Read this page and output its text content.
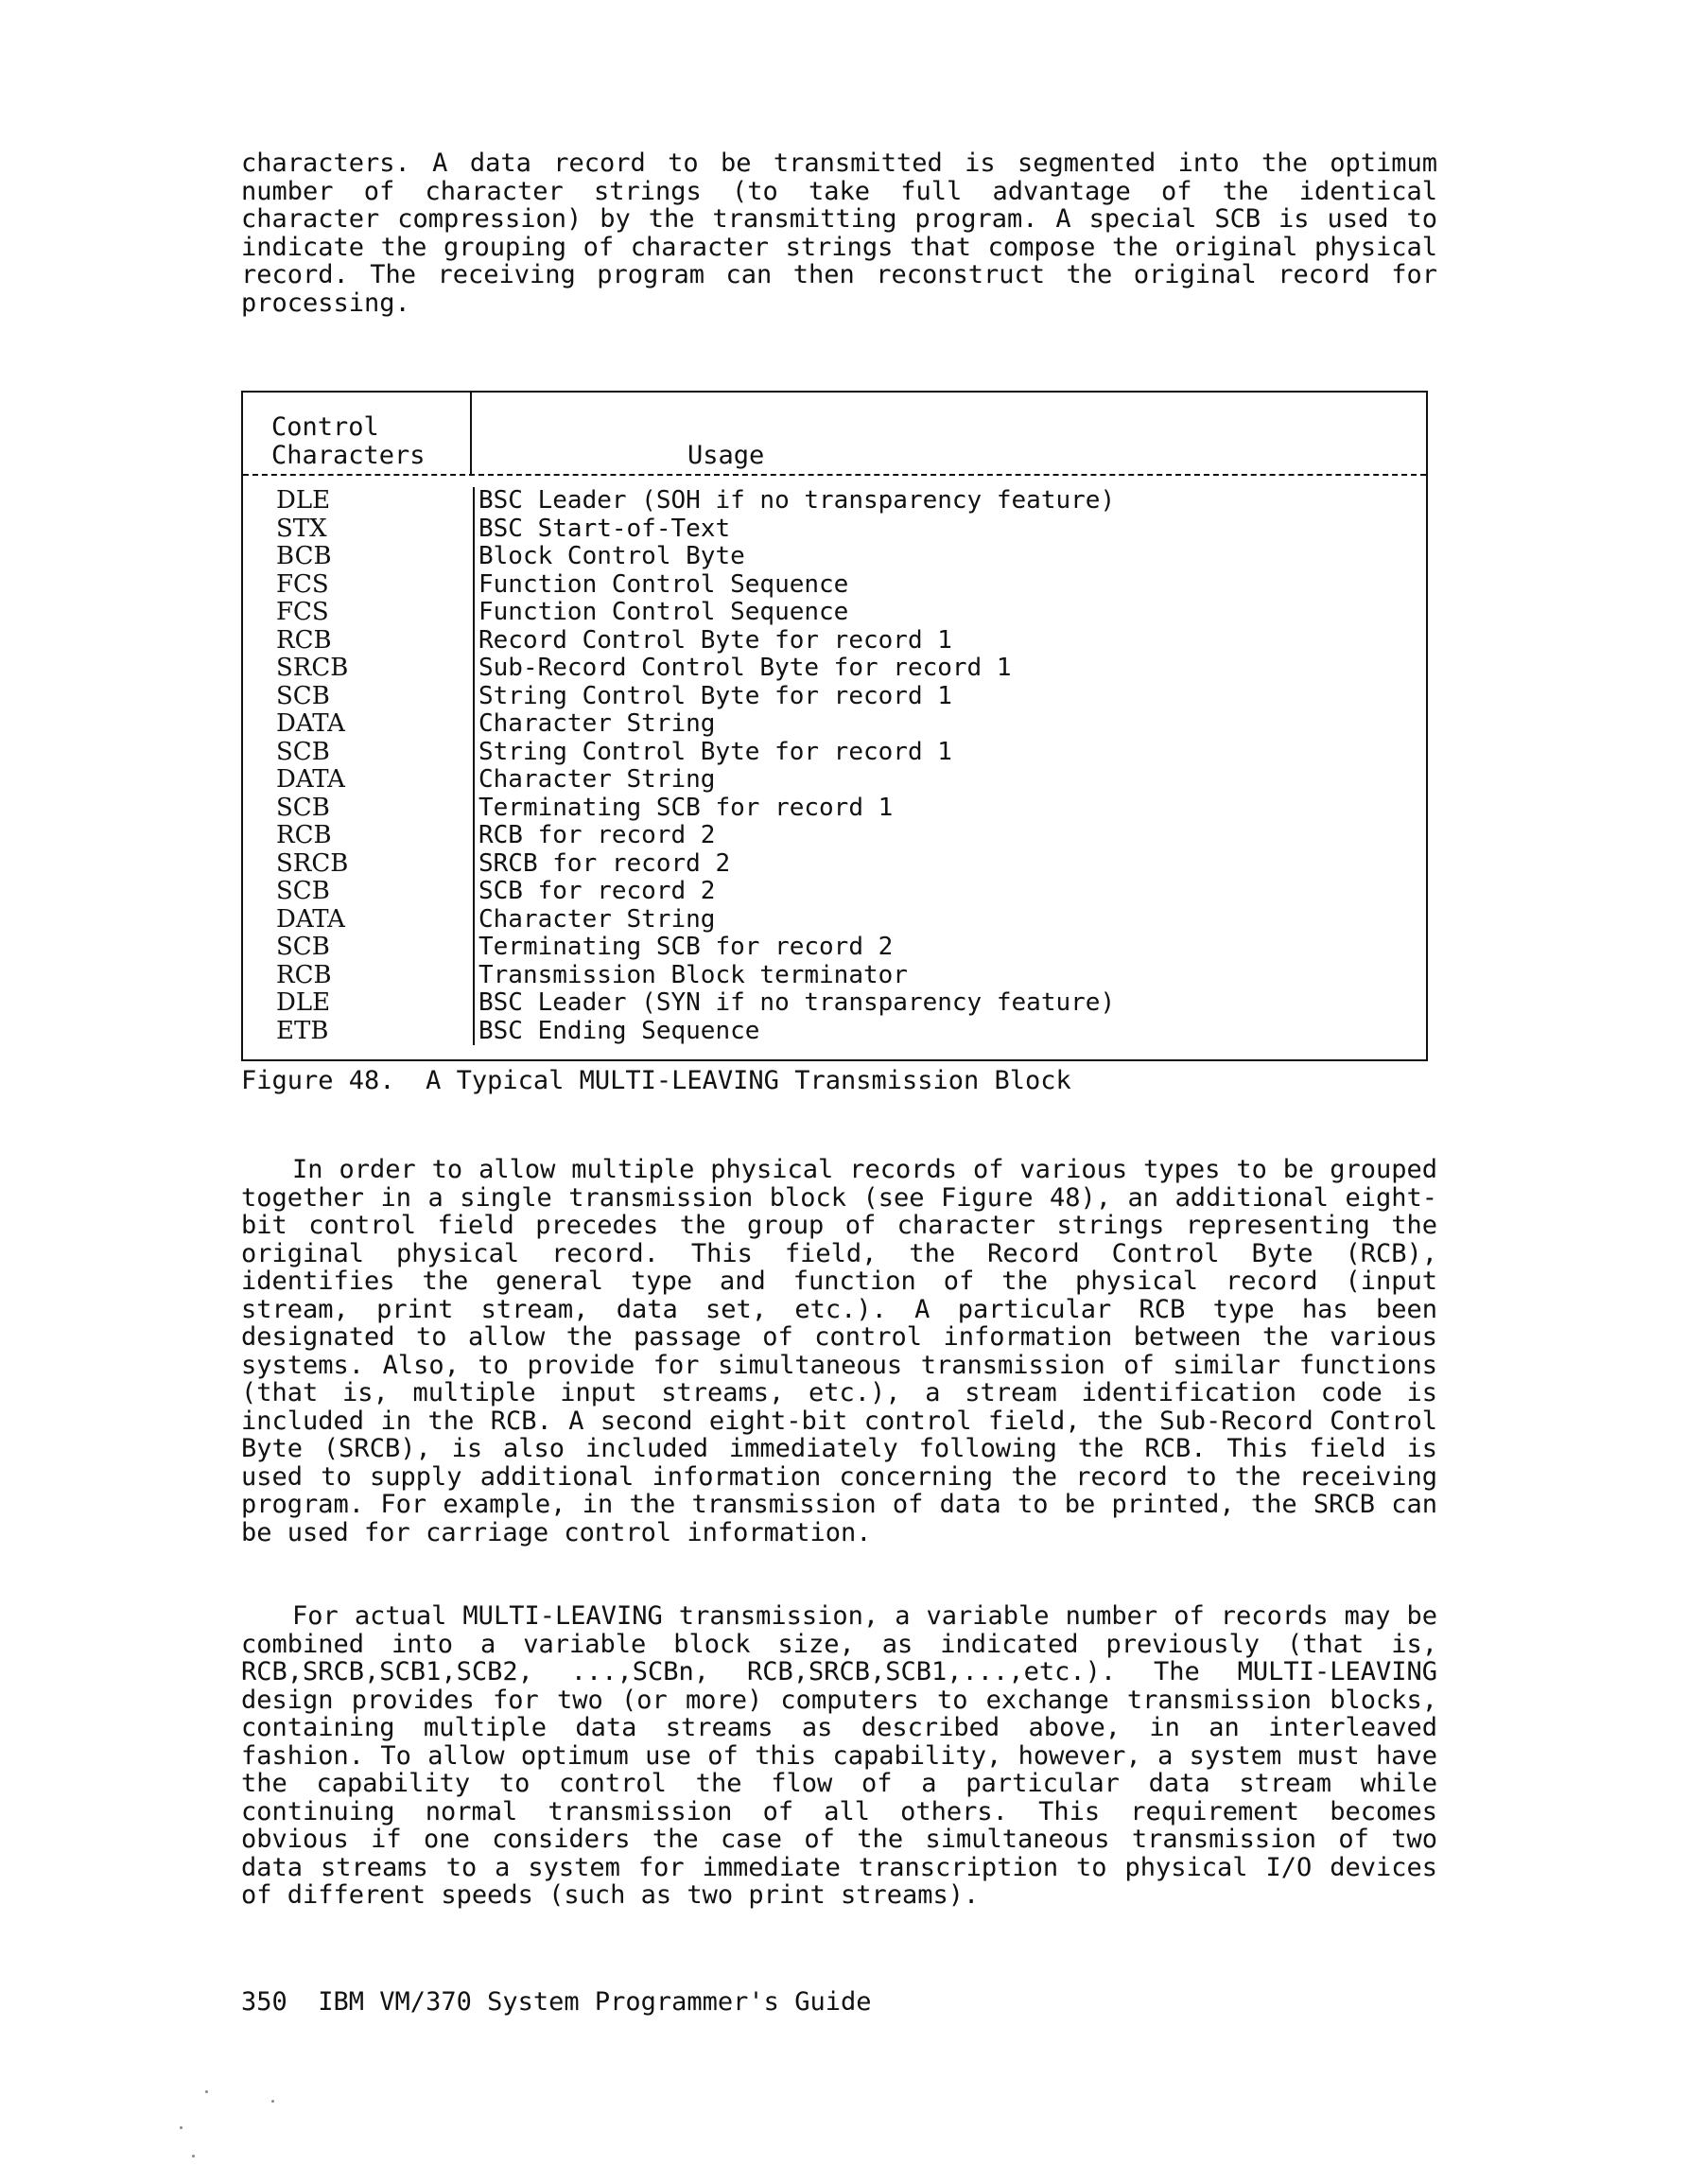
characters. A data record to be transmitted is segmented into the optimum number of character strings (to take full advantage of the identical character compression) by the transmitting program. A special SCB is used to indicate the grouping of character strings that compose the original physical record. The receiving program can then reconstruct the original record for processing.

Control
Characters	Usage
DLE	BSC Leader (SOH if no transparency feature)
STX	BSC Start-of-Text
BCB	Block Control Byte
FCS	Function Control Sequence
FCS	Function Control Sequence
RCB	Record Control Byte for record 1
SRCB	Sub-Record Control Byte for record 1
SCB	String Control Byte for record 1
DATA	Character String
SCB	String Control Byte for record 1
DATA	Character String
SCB	Terminating SCB for record 1
RCB	RCB for record 2
SRCB	SRCB for record 2
SCB	SCB for record 2
DATA	Character String
SCB	Terminating SCB for record 2
RCB	Transmission Block terminator
DLE	BSC Leader (SYN if no transparency feature)
ETB	BSC Ending Sequence
Figure 48.  A Typical MULTI-LEAVING Transmission Block

In order to allow multiple physical records of various types to be grouped together in a single transmission block (see Figure 48), an additional eight-bit control field precedes the group of character strings representing the original physical record. This field, the Record Control Byte (RCB), identifies the general type and function of the physical record (input stream, print stream, data set, etc.). A particular RCB type has been designated to allow the passage of control information between the various systems. Also, to provide for simultaneous transmission of similar functions (that is, multiple input streams, etc.), a stream identification code is included in the RCB. A second eight-bit control field, the Sub-Record Control Byte (SRCB), is also included immediately following the RCB. This field is used to supply additional information concerning the record to the receiving program. For example, in the transmission of data to be printed, the SRCB can be used for carriage control information.

For actual MULTI-LEAVING transmission, a variable number of records may be combined into a variable block size, as indicated previously (that is, RCB,SRCB,SCB1,SCB2, ...,SCBn, RCB,SRCB,SCB1,...,etc.). The MULTI-LEAVING design provides for two (or more) computers to exchange transmission blocks, containing multiple data streams as described above, in an interleaved fashion. To allow optimum use of this capability, however, a system must have the capability to control the flow of a particular data stream while continuing normal transmission of all others. This requirement becomes obvious if one considers the case of the simultaneous transmission of two data streams to a system for immediate transcription to physical I/O devices of different speeds (such as two print streams).

350  IBM VM/370 System Programmer's Guide
